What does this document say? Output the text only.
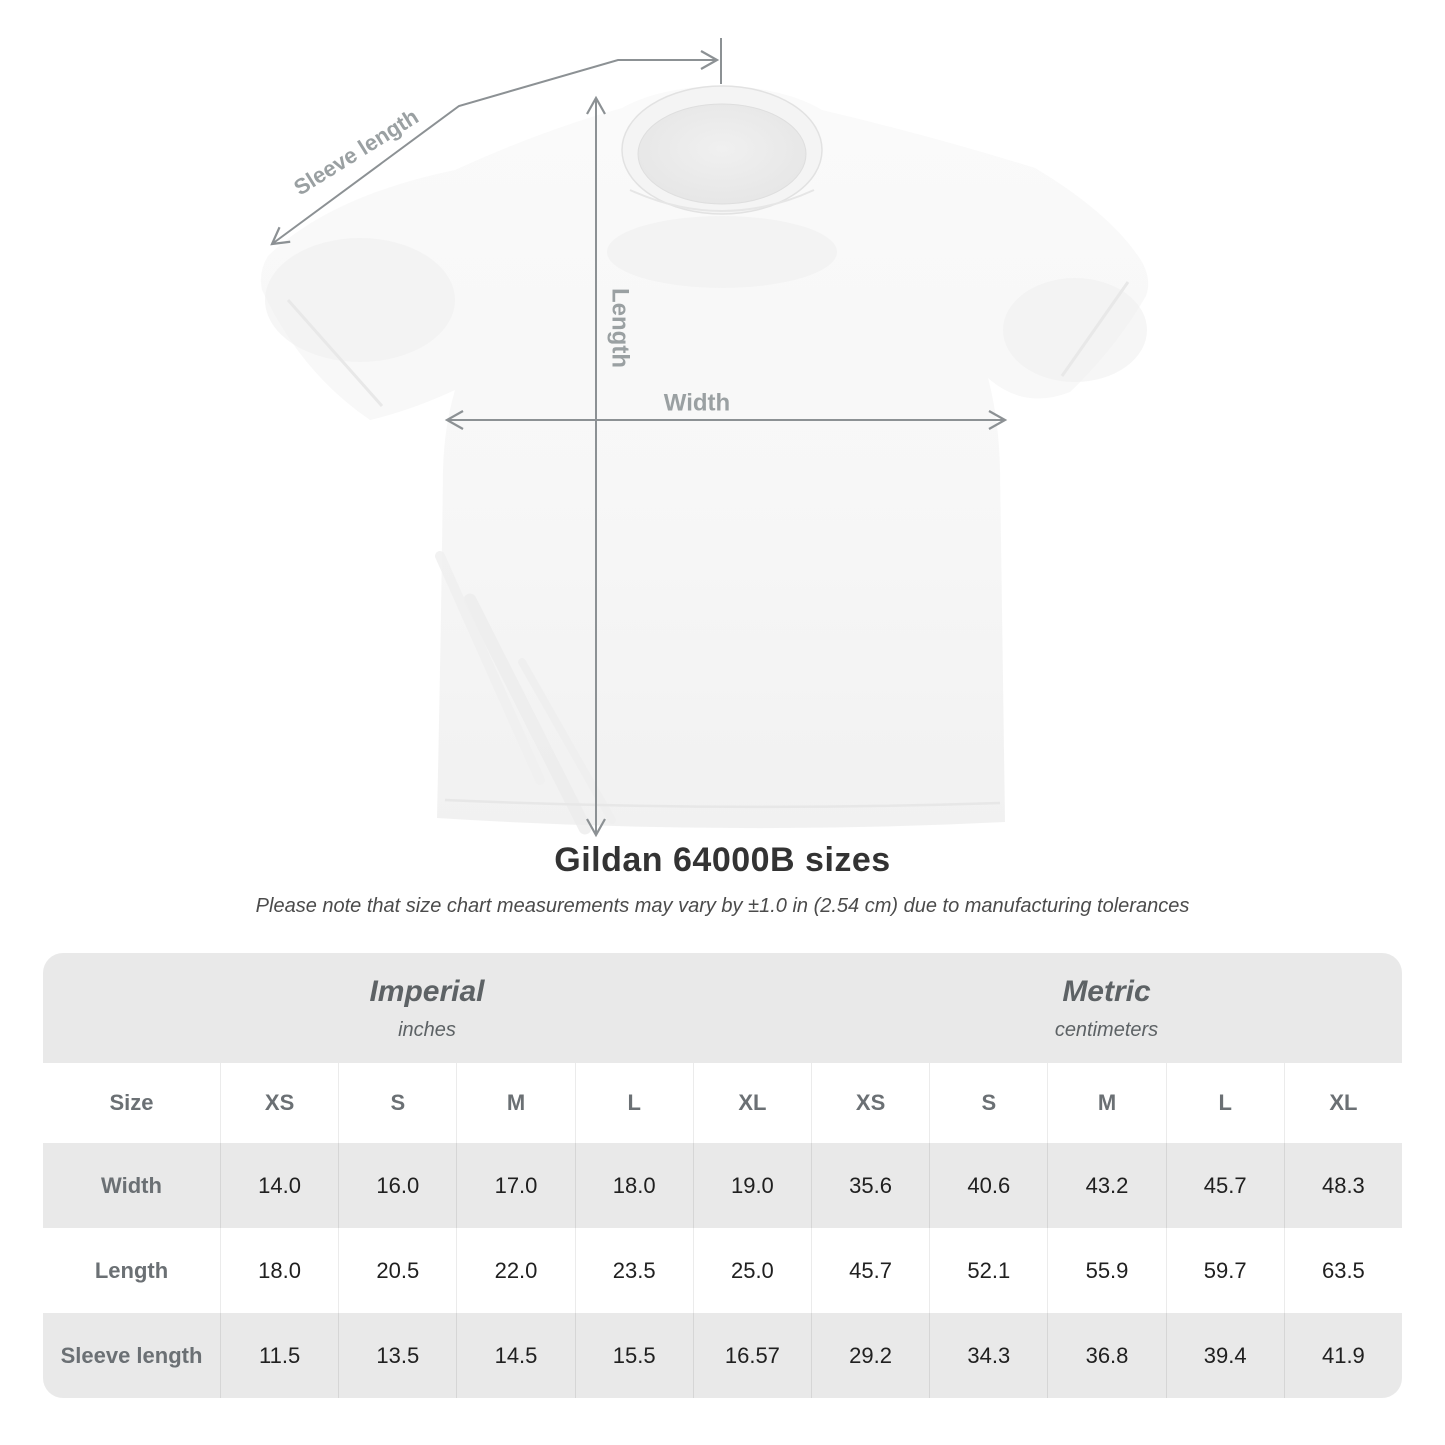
Sleeve length
Length
Width
Gildan 64000B sizes

Please note that size chart measurements may vary by ±1.0 in (2.54 cm) due to manufacturing tolerances

Imperial
inches
Metric
centimeters
Size	XS	S	M	L	XL	XS	S	M	L	XL
Width	14.0	16.0	17.0	18.0	19.0	35.6	40.6	43.2	45.7	48.3
Length	18.0	20.5	22.0	23.5	25.0	45.7	52.1	55.9	59.7	63.5
Sleeve length	11.5	13.5	14.5	15.5	16.57	29.2	34.3	36.8	39.4	41.9
